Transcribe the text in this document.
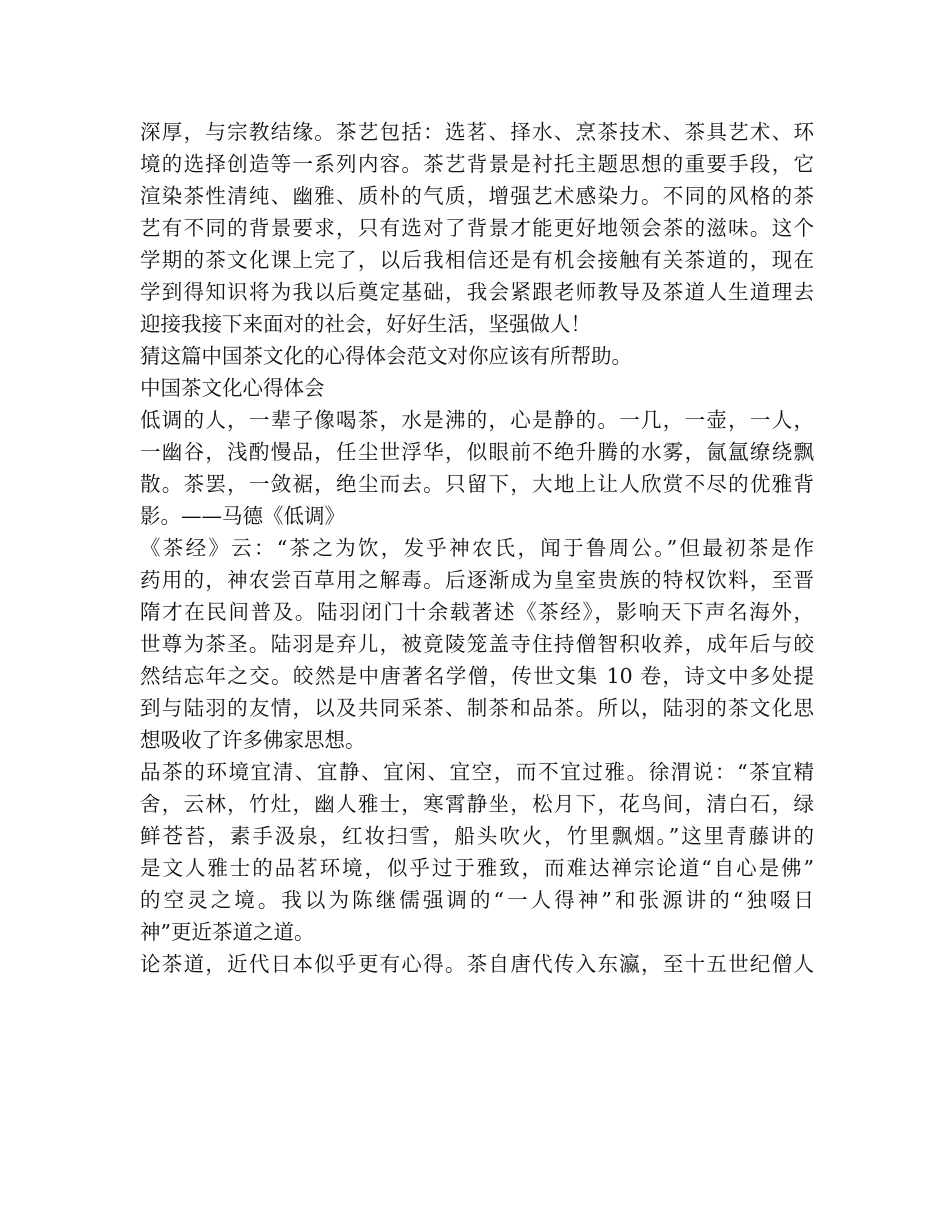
深厚，与宗教结缘。茶艺包括：选茗、择水、烹茶技术、茶具艺术、环
境的选择创造等一系列内容。茶艺背景是衬托主题思想的重要手段，它
渲染茶性清纯、幽雅、质朴的气质，增强艺术感染力。不同的风格的茶
艺有不同的背景要求，只有选对了背景才能更好地领会茶的滋味。这个
学期的茶文化课上完了，以后我相信还是有机会接触有关茶道的，现在
学到得知识将为我以后奠定基础，我会紧跟老师教导及茶道人生道理去
迎接我接下来面对的社会，好好生活，坚强做人！
猜这篇中国茶文化的心得体会范文对你应该有所帮助。
中国茶文化心得体会
低调的人，一辈子像喝茶，水是沸的，心是静的。一几，一壶，一人，
一幽谷，浅酌慢品，任尘世浮华，似眼前不绝升腾的水雾，氤氲缭绕飘
散。茶罢，一敛裾，绝尘而去。只留下，大地上让人欣赏不尽的优雅背
影。——马德《低调》
《茶经》云：“茶之为饮，发乎神农氏，闻于鲁周公。”但最初茶是作
药用的，神农尝百草用之解毒。后逐渐成为皇室贵族的特权饮料，至晋
隋才在民间普及。陆羽闭门十余载著述《茶经》，影响天下声名海外，
世尊为茶圣。陆羽是弃儿，被竟陵笼盖寺住持僧智积收养，成年后与皎
然结忘年之交。皎然是中唐著名学僧，传世文集 10 卷，诗文中多处提
到与陆羽的友情，以及共同采茶、制茶和品茶。所以，陆羽的茶文化思
想吸收了许多佛家思想。
品茶的环境宜清、宜静、宜闲、宜空，而不宜过雅。徐渭说：“茶宜精
舍，云林，竹灶，幽人雅士，寒霄静坐，松月下，花鸟间，清白石，绿
鲜苍苔，素手汲泉，红妆扫雪，船头吹火，竹里飘烟。”这里青藤讲的
是文人雅士的品茗环境，似乎过于雅致，而难达禅宗论道“自心是佛”
的空灵之境。我以为陈继儒强调的“一人得神”和张源讲的“独啜日
神”更近茶道之道。
论茶道，近代日本似乎更有心得。茶自唐代传入东瀛，至十五世纪僧人
